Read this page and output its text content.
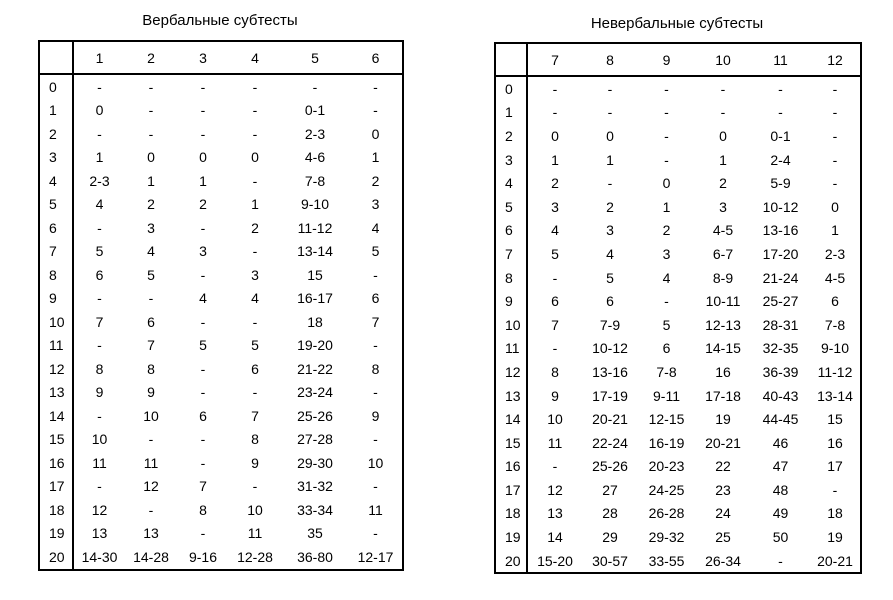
Вербальные субтесты
	1	2	3	4	5	6
0	-	-	-	-	-	-
1	0	-	-	-	0-1	-
2	-	-	-	-	2-3	0
3	1	0	0	0	4-6	1
4	2-3	1	1	-	7-8	2
5	4	2	2	1	9-10	3
6	-	3	-	2	11-12	4
7	5	4	3	-	13-14	5
8	6	5	-	3	15	-
9	-	-	4	4	16-17	6
10	7	6	-	-	18	7
11	-	7	5	5	19-20	-
12	8	8	-	6	21-22	8
13	9	9	-	-	23-24	-
14	-	10	6	7	25-26	9
15	10	-	-	8	27-28	-
16	11	11	-	9	29-30	10
17	-	12	7	-	31-32	-
18	12	-	8	10	33-34	11
19	13	13	-	11	35	-
20	14-30	14-28	9-16	12-28	36-80	12-17
Невербальные субтесты
	7	8	9	10	11	12
0	-	-	-	-	-	-
1	-	-	-	-	-	-
2	0	0	-	0	0-1	-
3	1	1	-	1	2-4	-
4	2	-	0	2	5-9	-
5	3	2	1	3	10-12	0
6	4	3	2	4-5	13-16	1
7	5	4	3	6-7	17-20	2-3
8	-	5	4	8-9	21-24	4-5
9	6	6	-	10-11	25-27	6
10	7	7-9	5	12-13	28-31	7-8
11	-	10-12	6	14-15	32-35	9-10
12	8	13-16	7-8	16	36-39	11-12
13	9	17-19	9-11	17-18	40-43	13-14
14	10	20-21	12-15	19	44-45	15
15	11	22-24	16-19	20-21	46	16
16	-	25-26	20-23	22	47	17
17	12	27	24-25	23	48	-
18	13	28	26-28	24	49	18
19	14	29	29-32	25	50	19
20	15-20	30-57	33-55	26-34	-	20-21
